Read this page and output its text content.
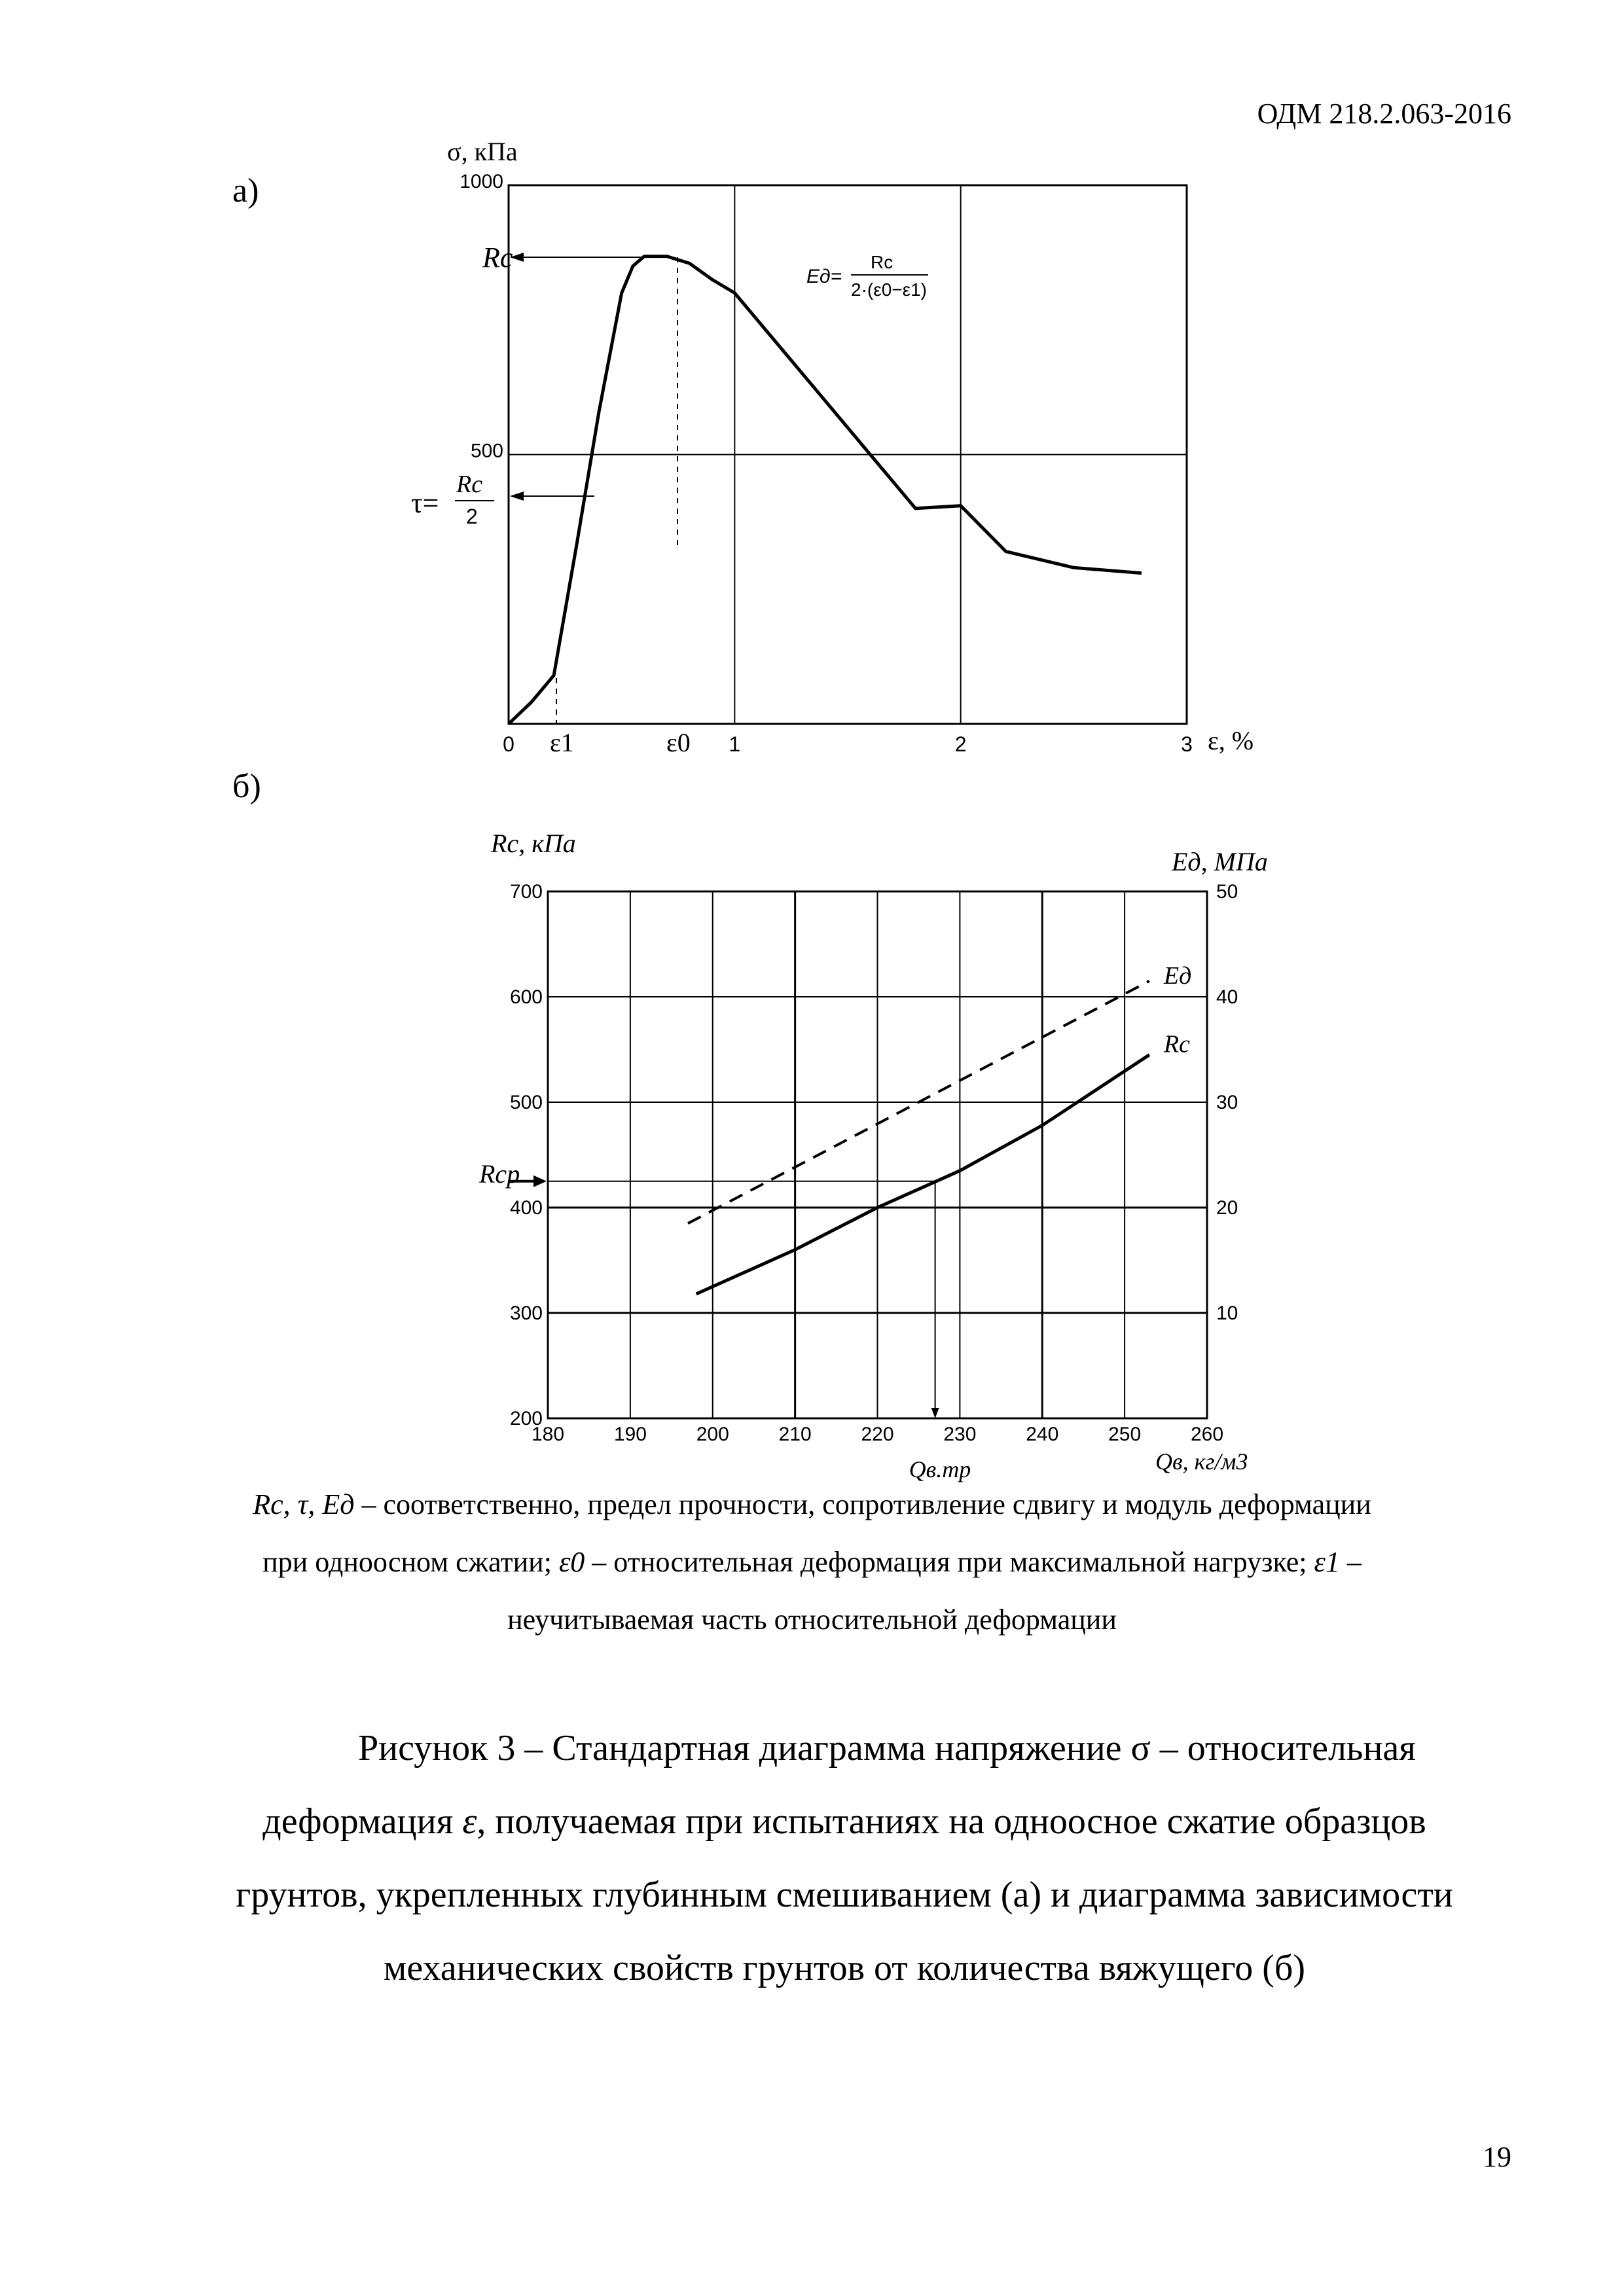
ОДМ 218.2.063-2016
а)
б)
σ, кПа
ε, %
0	1	2	3
500
1000
Rс
τ=
Rс
2
Eд=
Rс
2·(ε0−ε1)
ε1	ε0
Rс, кПа
Eд, МПа
Qв, кг/м3
180	190	200	210	220	230	240	250	260
200
300
400
500
600
700
10
20
30
40
50
Eд
Rс
Rср
Qв.тр
Rс, τ, Eд – соответственно, предел прочности, сопротивление сдвигу и модуль деформации
при одноосном сжатии; ε0 – относительная деформация при максимальной нагрузке; ε1 –
неучитываемая часть относительной деформации
Рисунок 3 – Стандартная диаграмма напряжение σ – относительная
деформация ε, получаемая при испытаниях на одноосное сжатие образцов
грунтов, укрепленных глубинным смешиванием (а) и диаграмма зависимости
механических свойств грунтов от количества вяжущего (б)
19
